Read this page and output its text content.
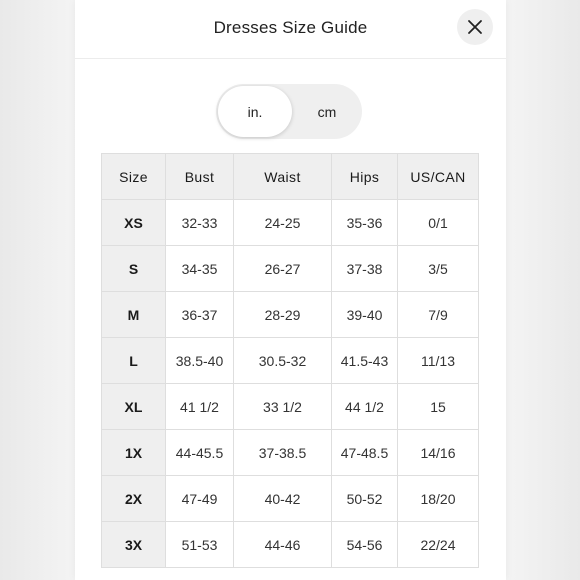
Dresses Size Guide
in.	cm
Size	Bust	Waist	Hips	US/CAN
XS	32-33	24-25	35-36	0/1
S	34-35	26-27	37-38	3/5
M	36-37	28-29	39-40	7/9
L	38.5-40	30.5-32	41.5-43	11/13
XL	41 1/2	33 1/2	44 1/2	15
1X	44-45.5	37-38.5	47-48.5	14/16
2X	47-49	40-42	50-52	18/20
3X	51-53	44-46	54-56	22/24
